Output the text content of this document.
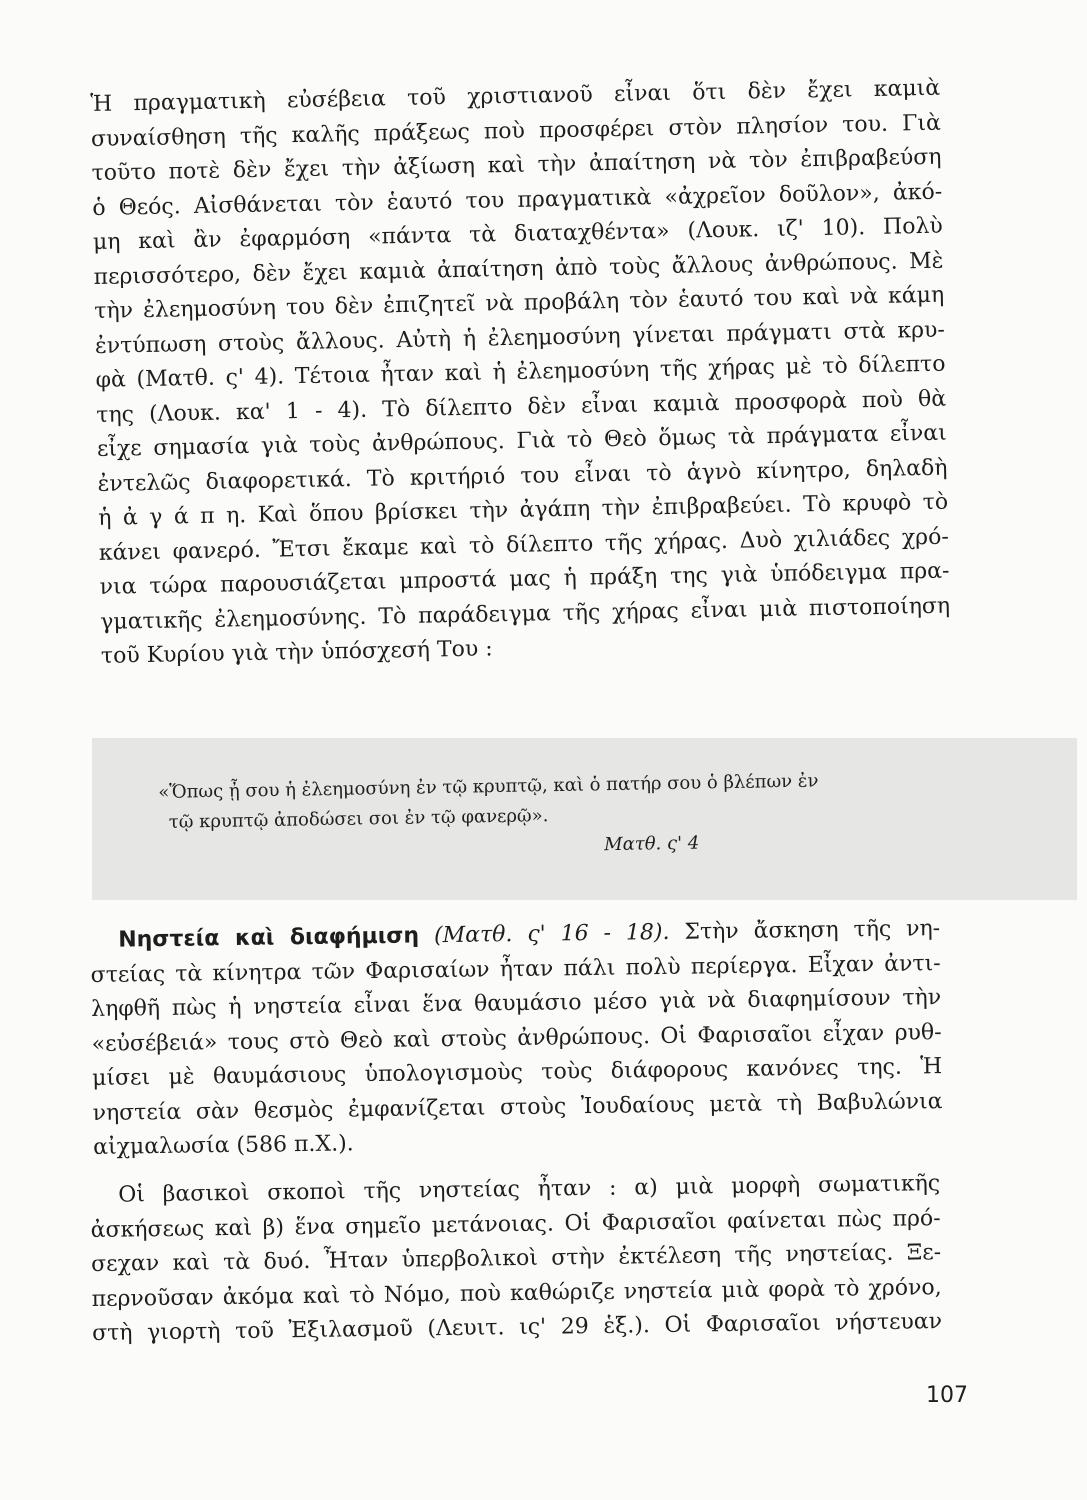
Ἡ πραγματικὴ εὐσέβεια τοῦ χριστιανοῦ εἶναι ὅτι δὲν ἔχει καμιὰ
συναίσθηση τῆς καλῆς πράξεως ποὺ προσφέρει στὸν πλησίον του. Γιὰ
τοῦτο ποτὲ δὲν ἔχει τὴν ἀξίωση καὶ τὴν ἀπαίτηση νὰ τὸν ἐπιβραβεύση
ὁ Θεός. Αἰσθάνεται τὸν ἑαυτό του πραγματικὰ «ἀχρεῖον δοῦλον», ἀκό-
μη καὶ ἂν ἐφαρμόση «πάντα τὰ διαταχθέντα» (Λουκ. ιζ' 10). Πολὺ
περισσότερο, δὲν ἔχει καμιὰ ἀπαίτηση ἀπὸ τοὺς ἄλλους ἀνθρώπους. Μὲ
τὴν ἐλεημοσύνη του δὲν ἐπιζητεῖ νὰ προβάλη τὸν ἑαυτό του καὶ νὰ κάμη
ἐντύπωση στοὺς ἄλλους. Αὐτὴ ἡ ἐλεημοσύνη γίνεται πράγματι στὰ κρυ-
φὰ (Ματθ. ς' 4). Τέτοια ἦταν καὶ ἡ ἐλεημοσύνη τῆς χήρας μὲ τὸ δίλεπτο
της (Λουκ. κα' 1 - 4). Τὸ δίλεπτο δὲν εἶναι καμιὰ προσφορὰ ποὺ θὰ
εἶχε σημασία γιὰ τοὺς ἀνθρώπους. Γιὰ τὸ Θεὸ ὅμως τὰ πράγματα εἶναι
ἐντελῶς διαφορετικά. Τὸ κριτήριό του εἶναι τὸ ἁγνὸ κίνητρο, δηλαδὴ
ἡ ἀ γ ά π η. Καὶ ὅπου βρίσκει τὴν ἀγάπη τὴν ἐπιβραβεύει. Τὸ κρυφὸ τὸ
κάνει φανερό. Ἔτσι ἔκαμε καὶ τὸ δίλεπτο τῆς χήρας. Δυὸ χιλιάδες χρό-
νια τώρα παρουσιάζεται μπροστά μας ἡ πράξη της γιὰ ὑπόδειγμα πρα-
γματικῆς ἐλεημοσύνης. Τὸ παράδειγμα τῆς χήρας εἶναι μιὰ πιστοποίηση
τοῦ Κυρίου γιὰ τὴν ὑπόσχεσή Του :
«Ὅπως ᾖ σου ἡ ἐλεημοσύνη ἐν τῷ κρυπτῷ, καὶ ὁ πατήρ σου ὁ βλέπων ἐν
τῷ κρυπτῷ ἀποδώσει σοι ἐν τῷ φανερῷ».
Ματθ. ς' 4
Νηστεία καὶ διαφήμιση (Ματθ. ς' 16 - 18). Στὴν ἄσκηση τῆς νη-
στείας τὰ κίνητρα τῶν Φαρισαίων ἦταν πάλι πολὺ περίεργα. Εἶχαν ἀντι-
ληφθῆ πὼς ἡ νηστεία εἶναι ἕνα θαυμάσιο μέσο γιὰ νὰ διαφημίσουν τὴν
«εὐσέβειά» τους στὸ Θεὸ καὶ στοὺς ἀνθρώπους. Οἱ Φαρισαῖοι εἶχαν ρυθ-
μίσει μὲ θαυμάσιους ὑπολογισμοὺς τοὺς διάφορους κανόνες της. Ἡ
νηστεία σὰν θεσμὸς ἐμφανίζεται στοὺς Ἰουδαίους μετὰ τὴ Βαβυλώνια
αἰχμαλωσία (586 π.Χ.).
Οἱ βασικοὶ σκοποὶ τῆς νηστείας ἦταν : α) μιὰ μορφὴ σωματικῆς
ἀσκήσεως καὶ β) ἕνα σημεῖο μετάνοιας. Οἱ Φαρισαῖοι φαίνεται πὼς πρό-
σεχαν καὶ τὰ δυό. Ἦταν ὑπερβολικοὶ στὴν ἐκτέλεση τῆς νηστείας. Ξε-
περνοῦσαν ἀκόμα καὶ τὸ Νόμο, ποὺ καθώριζε νηστεία μιὰ φορὰ τὸ χρόνο,
στὴ γιορτὴ τοῦ Ἐξιλασμοῦ (Λευιτ. ις' 29 ἑξ.). Οἱ Φαρισαῖοι νήστευαν
107
